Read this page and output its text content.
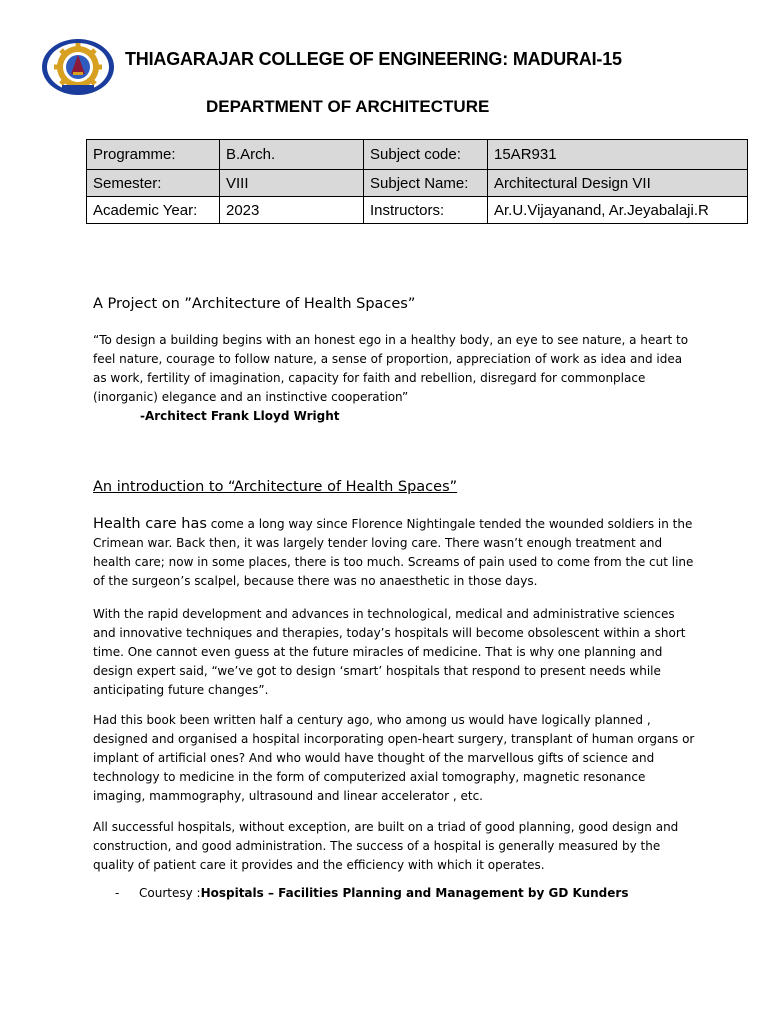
THIAGARAJAR COLLEGE OF ENGINEERING: MADURAI-15
DEPARTMENT OF ARCHITECTURE
Programme:	B.Arch.	Subject code:	15AR931
Semester:	VIII	Subject Name:	Architectural Design VII
Academic Year:	2023	Instructors:	Ar.U.Vijayanand, Ar.Jeyabalaji.R
A Project on ”Architecture of Health Spaces”
“To design a building begins with an honest ego in a healthy body, an eye to see nature, a heart to feel nature, courage to follow nature, a sense of proportion, appreciation of work as idea and idea as work, fertility of imagination, capacity for faith and rebellion, disregard for commonplace (inorganic) elegance and an instinctive cooperation”
-Architect Frank Lloyd Wright
An introduction to “Architecture of Health Spaces”
Health care has come a long way since Florence Nightingale tended the wounded soldiers in the Crimean war. Back then, it was largely tender loving care. There wasn’t enough treatment and health care; now in some places, there is too much. Screams of pain used to come from the cut line of the surgeon’s scalpel, because there was no anaesthetic in those days.
With the rapid development and advances in technological, medical and administrative sciences and innovative techniques and therapies, today’s hospitals will become obsolescent within a short time. One cannot even guess at the future miracles of medicine. That is why one planning and design expert said, “we’ve got to design ‘smart’ hospitals that respond to present needs while anticipating future changes”.
Had this book been written half a century ago, who among us would have logically planned , designed and organised a hospital incorporating open-heart surgery, transplant of human organs or implant of artificial ones? And who would have thought of the marvellous gifts of science and technology to medicine in the form of computerized axial tomography, magnetic resonance imaging, mammography, ultrasound and linear accelerator , etc.
All successful hospitals, without exception, are built on a triad of good planning, good design and construction, and good administration. The success of a hospital is generally measured by the quality of patient care it provides and the efficiency with which it operates.
- Courtesy :Hospitals – Facilities Planning and Management by GD Kunders
